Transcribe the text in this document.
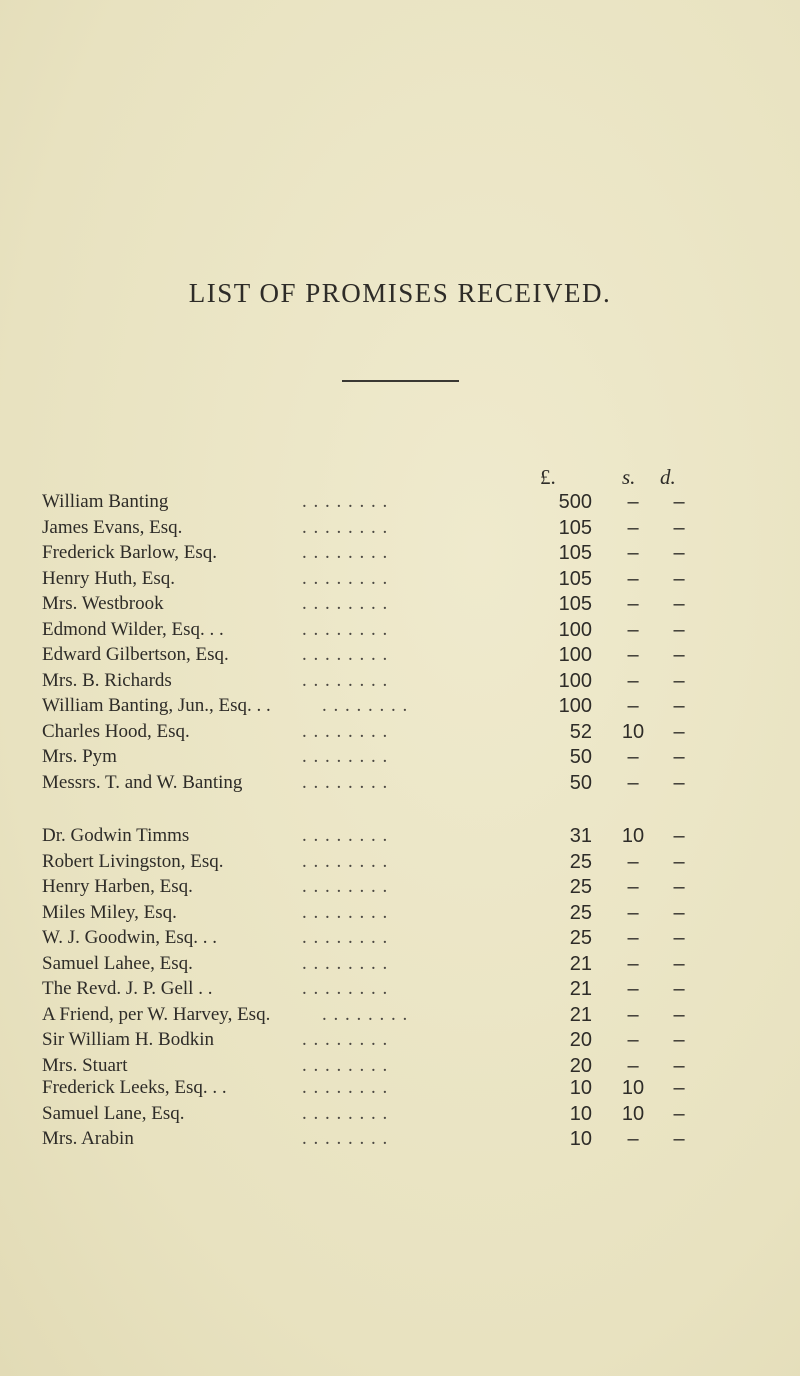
LIST OF PROMISES RECEIVED.
£.	s. d.
William Banting	. . . . . . . .	500	–	–
James Evans, Esq.	. . . . . . . .	105	–	–
Frederick Barlow, Esq.	. . . . . . . .	105	–	–
Henry Huth, Esq.	. . . . . . . .	105	–	–
Mrs. Westbrook	. . . . . . . .	105	–	–
Edmond Wilder, Esq. . .	. . . . . . . .	100	–	–
Edward Gilbertson, Esq.	. . . . . . . .	100	–	–
Mrs. B. Richards	. . . . . . . .	100	–	–
William Banting, Jun., Esq. . .	. . . . . . . .	100	–	–
Charles Hood, Esq.	. . . . . . . .	52	10	–
Mrs. Pym	. . . . . . . .	50	–	–
Messrs. T. and W. Banting	. . . . . . . .	50	–	–
Dr. Godwin Timms	. . . . . . . .	31	10	–
Robert Livingston, Esq.	. . . . . . . .	25	–	–
Henry Harben, Esq.	. . . . . . . .	25	–	–
Miles Miley, Esq.	. . . . . . . .	25	–	–
W. J. Goodwin, Esq. . .	. . . . . . . .	25	–	–
Samuel Lahee, Esq.	. . . . . . . .	21	–	–
The Revd. J. P. Gell . .	. . . . . . . .	21	–	–
A Friend, per W. Harvey, Esq.	. . . . . . . .	21	–	–
Sir William H. Bodkin	. . . . . . . .	20	–	–
Mrs. Stuart	. . . . . . . .	20	–	–
Frederick Leeks, Esq. . .	. . . . . . . .	10	10	–
Samuel Lane, Esq.	. . . . . . . .	10	10	–
Mrs. Arabin	. . . . . . . .	10	–	–
